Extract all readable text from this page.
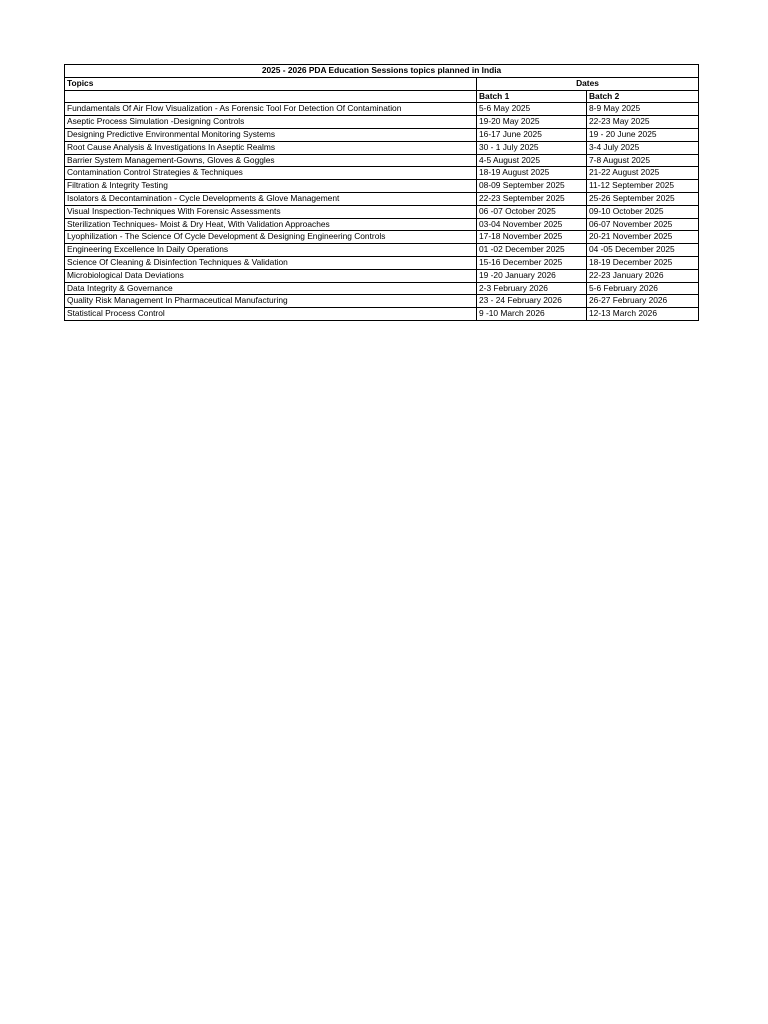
2025 - 2026 PDA Education Sessions topics planned in India		
Topics	Dates	
	Batch 1	Batch 2
Fundamentals Of Air Flow Visualization - As Forensic Tool For Detection Of Contamination	5-6 May 2025	8-9 May 2025
Aseptic Process Simulation -Designing Controls	19-20 May 2025	22-23 May 2025
Designing Predictive Environmental Monitoring Systems	16-17 June 2025	19 - 20 June 2025
Root Cause Analysis & Investigations In Aseptic Realms	30 - 1 July 2025	3-4 July 2025
Barrier System Management-Gowns, Gloves & Goggles	4-5 August 2025	7-8 August 2025
Contamination Control Strategies & Techniques	18-19 August 2025	21-22 August 2025
Filtration & Integrity Testing	08-09 September 2025	11-12 September 2025
Isolators & Decontamination - Cycle Developments & Glove Management	22-23 September 2025	25-26 September 2025
Visual Inspection-Techniques With Forensic Assessments	06 -07 October 2025	09-10 October 2025
Sterilization Techniques- Moist & Dry Heat, With Validation Approaches	03-04 November 2025	06-07 November 2025
Lyophilization - The Science Of Cycle Development & Designing Engineering Controls	17-18 November 2025	20-21 November 2025
Engineering Excellence In Daily Operations	01 -02 December 2025	04 -05 December 2025
Science Of Cleaning & Disinfection Techniques & Validation	15-16 December 2025	18-19 December 2025
Microbiological Data Deviations	19 -20 January 2026	22-23 January 2026
Data Integrity & Governance	2-3 February 2026	5-6 February 2026
Quality Risk Management In Pharmaceutical Manufacturing	23 - 24 February 2026	26-27 February 2026
Statistical Process Control	9 -10 March 2026	12-13 March 2026
